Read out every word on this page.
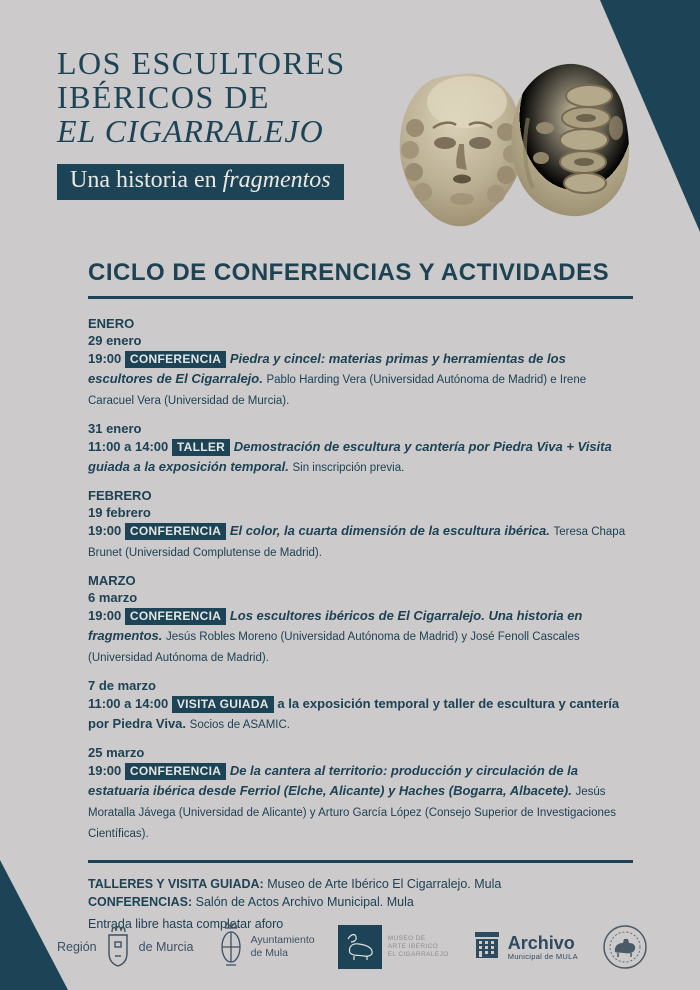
LOS ESCULTORES
IBÉRICOS DE
EL CIGARRALEJO
Una historia en fragmentos
CICLO DE CONFERENCIAS Y ACTIVIDADES
ENERO
29 enero

19:00 CONFERENCIA Piedra y cincel: materias primas y herramientas de los escultores de El Cigarralejo. Pablo Harding Vera (Universidad Autónoma de Madrid) e Irene Caracuel Vera (Universidad de Murcia).

31 enero

11:00 a 14:00 TALLER Demostración de escultura y cantería por Piedra Viva + Visita guiada a la exposición temporal. Sin inscripción previa.

FEBRERO
19 febrero

19:00 CONFERENCIA El color, la cuarta dimensión de la escultura ibérica. Teresa Chapa Brunet (Universidad Complutense de Madrid).

MARZO
6 marzo

19:00 CONFERENCIA Los escultores ibéricos de El Cigarralejo. Una historia en fragmentos. Jesús Robles Moreno (Universidad Autónoma de Madrid) y José Fenoll Cascales (Universidad Autónoma de Madrid).

7 de marzo

11:00 a 14:00 VISITA GUIADA a la exposición temporal y taller de escultura y cantería por Piedra Viva. Socios de ASAMIC.

25 marzo

19:00 CONFERENCIA De la cantera al territorio: producción y circulación de la estatuaria ibérica desde Ferriol (Elche, Alicante) y Haches (Bogarra, Albacete). Jesús Moratalla Jávega (Universidad de Alicante) y Arturo García López (Consejo Superior de Investigaciones Científicas).

TALLERES Y VISITA GUIADA: Museo de Arte Ibérico El Cigarralejo. Mula
CONFERENCIAS: Salón de Actos Archivo Municipal. Mula
Entrada libre hasta completar aforo
Región	de Murcia	Ayuntamiento
de Mula
MUSEO DE
ARTE IBÉRICO
EL CIGARRALEJO
Archivo
Municipal de MULA
